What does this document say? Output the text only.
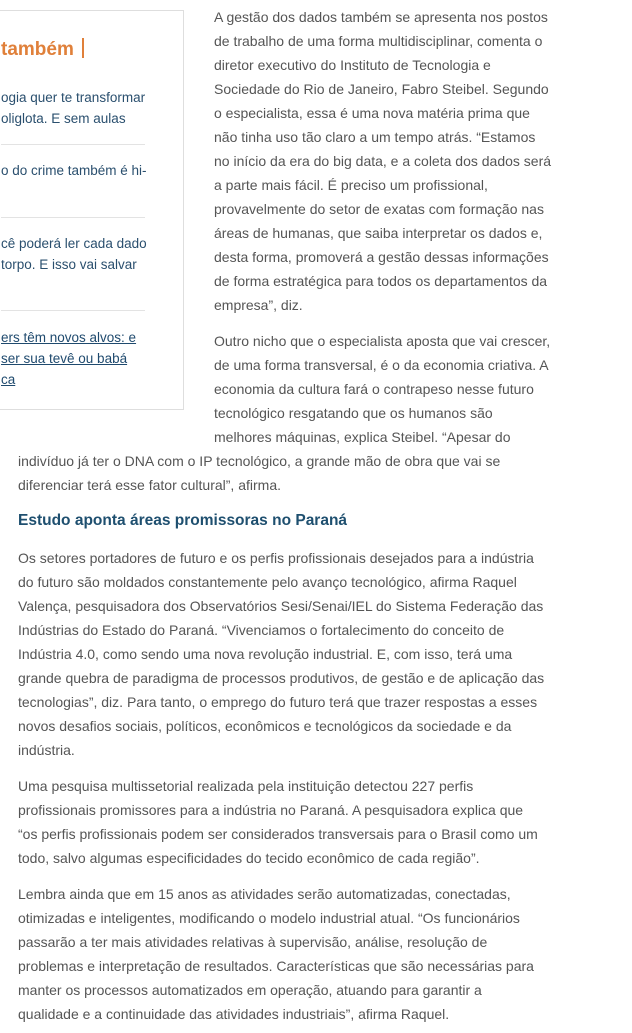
também
ogia quer te transformar
oliglota. E sem aulas
o do crime também é hi-
cê poderá ler cada dado
torpo. E isso vai salvar
ers têm novos alvos: e
ser sua tevê ou babá
ca

A gestão dos dados também se apresenta nos postos
de trabalho de uma forma multidisciplinar, comenta o
diretor executivo do Instituto de Tecnologia e
Sociedade do Rio de Janeiro, Fabro Steibel. Segundo
o especialista, essa é uma nova matéria prima que
não tinha uso tão claro a um tempo atrás. “Estamos
no início da era do big data, e a coleta dos dados será
a parte mais fácil. É preciso um profissional,
provavelmente do setor de exatas com formação nas
áreas de humanas, que saiba interpretar os dados e,
desta forma, promoverá a gestão dessas informações
de forma estratégica para todos os departamentos da
empresa”, diz.

Outro nicho que o especialista aposta que vai crescer,
de uma forma transversal, é o da economia criativa. A
economia da cultura fará o contrapeso nesse futuro
tecnológico resgatando que os humanos são
melhores máquinas, explica Steibel. “Apesar do

indivíduo já ter o DNA com o IP tecnológico, a grande mão de obra que vai se
diferenciar terá esse fator cultural”, afirma.

Estudo aponta áreas promissoras no Paraná

Os setores portadores de futuro e os perfis profissionais desejados para a indústria
do futuro são moldados constantemente pelo avanço tecnológico, afirma Raquel
Valença, pesquisadora dos Observatórios Sesi/Senai/IEL do Sistema Federação das
Indústrias do Estado do Paraná. “Vivenciamos o fortalecimento do conceito de
Indústria 4.0, como sendo uma nova revolução industrial. E, com isso, terá uma
grande quebra de paradigma de processos produtivos, de gestão e de aplicação das
tecnologias”, diz. Para tanto, o emprego do futuro terá que trazer respostas a esses
novos desafios sociais, políticos, econômicos e tecnológicos da sociedade e da
indústria.

Uma pesquisa multissetorial realizada pela instituição detectou 227 perfis
profissionais promissores para a indústria no Paraná. A pesquisadora explica que
“os perfis profissionais podem ser considerados transversais para o Brasil como um
todo, salvo algumas especificidades do tecido econômico de cada região”.

Lembra ainda que em 15 anos as atividades serão automatizadas, conectadas,
otimizadas e inteligentes, modificando o modelo industrial atual. “Os funcionários
passarão a ter mais atividades relativas à supervisão, análise, resolução de
problemas e interpretação de resultados. Características que são necessárias para
manter os processos automatizados em operação, atuando para garantir a
qualidade e a continuidade das atividades industriais”, afirma Raquel.
